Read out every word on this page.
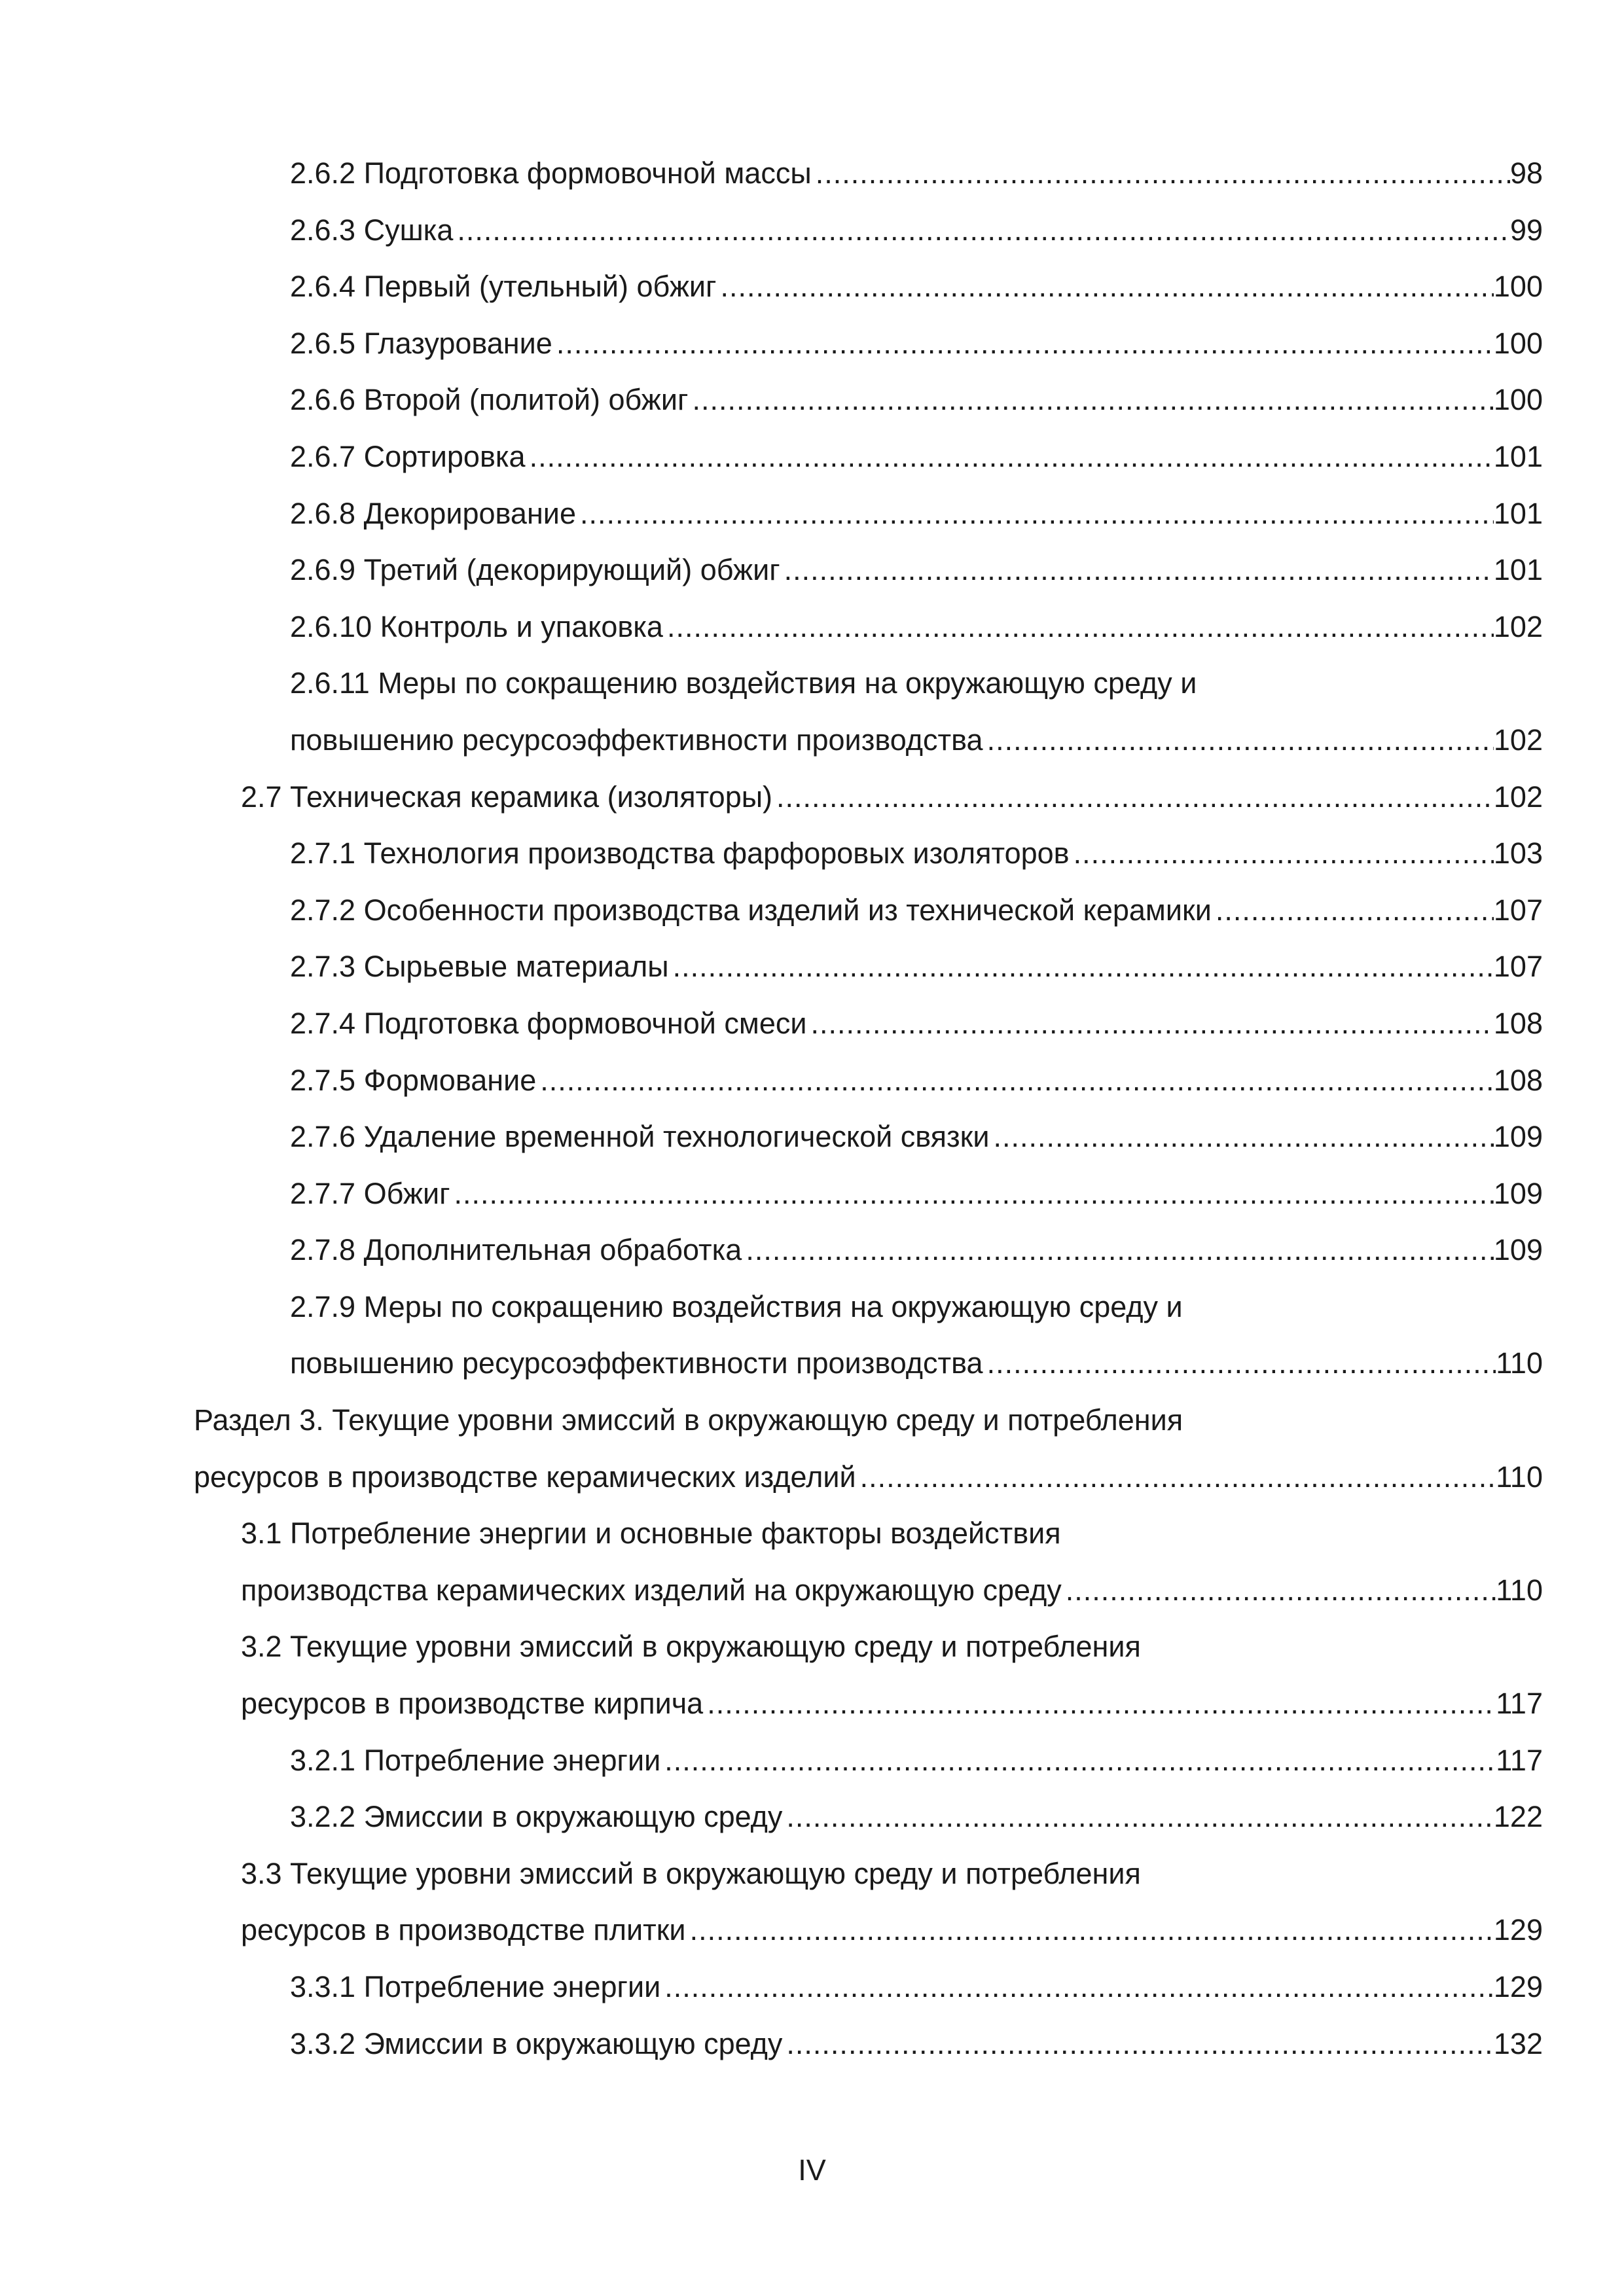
2.6.2 Подготовка формовочной массы .....	98
2.6.3 Сушка .....	99
2.6.4 Первый (утельный) обжиг .....	100
2.6.5 Глазурование .....	100
2.6.6 Второй (политой) обжиг .....	100
2.6.7 Сортировка .....	101
2.6.8 Декорирование .....	101
2.6.9 Третий (декорирующий) обжиг .....	101
2.6.10 Контроль и упаковка .....	102
2.6.11 Меры по сокращению воздействия на окружающую среду и
повышению ресурсоэффективности производства .....	102
2.7 Техническая керамика (изоляторы) .....	102
2.7.1 Технология производства фарфоровых изоляторов .....	103
2.7.2 Особенности производства изделий из технической керамики .....	107
2.7.3 Сырьевые материалы .....	107
2.7.4 Подготовка формовочной смеси .....	108
2.7.5 Формование .....	108
2.7.6 Удаление временной технологической связки .....	109
2.7.7 Обжиг .....	109
2.7.8 Дополнительная обработка .....	109
2.7.9 Меры по сокращению воздействия на окружающую среду и
повышению ресурсоэффективности производства .....	110
Раздел 3. Текущие уровни эмиссий в окружающую среду и потребления
ресурсов в производстве керамических изделий .....	110
3.1 Потребление энергии и основные факторы воздействия
производства керамических изделий на окружающую среду .....	110
3.2 Текущие уровни эмиссий в окружающую среду и потребления
ресурсов в производстве кирпича .....	117
3.2.1 Потребление энергии .....	117
3.2.2 Эмиссии в окружающую среду .....	122
3.3 Текущие уровни эмиссий в окружающую среду и потребления
ресурсов в производстве плитки .....	129
3.3.1 Потребление энергии .....	129
3.3.2 Эмиссии в окружающую среду .....	132
IV
